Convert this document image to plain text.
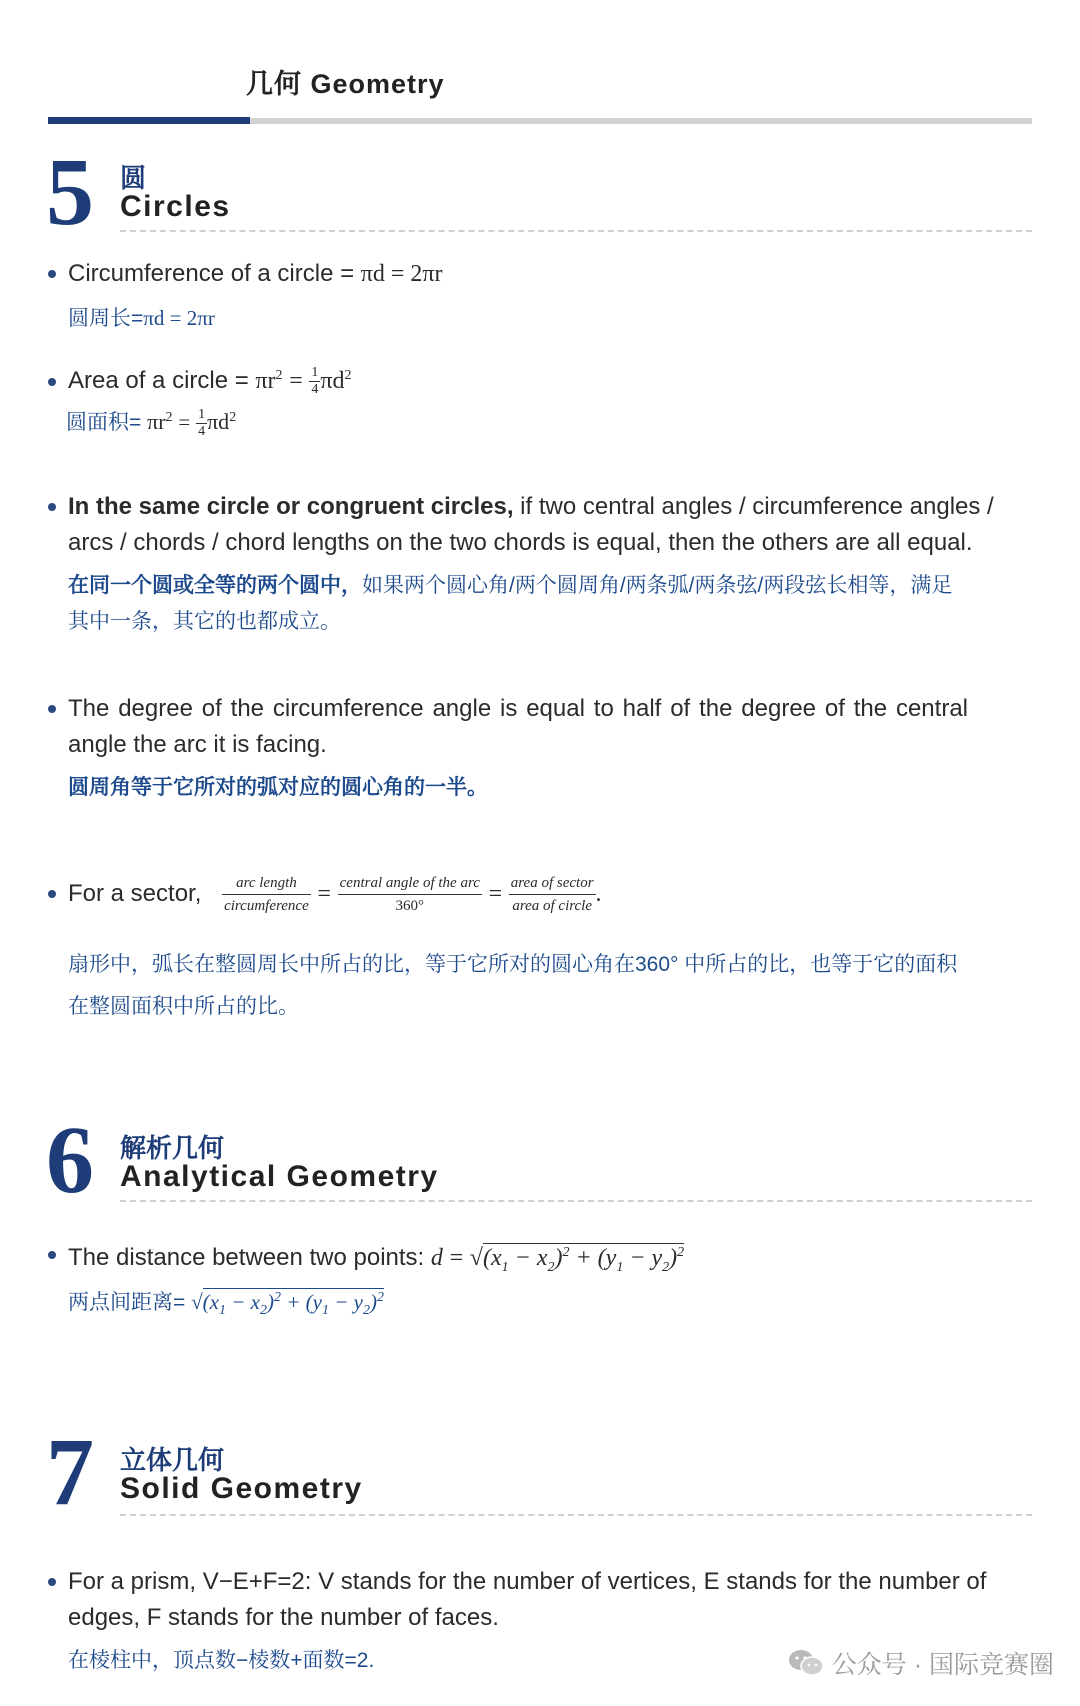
几何 Geometry
5 圆
Circles
Circumference of a circle = πd = 2πr
圆周长=πd = 2πr
Area of a circle = $\pi r^2 = \frac{1}{4} \pi d^2$
圆面积= $\pi r^2 = \frac{1}{4} \pi d^2$
In the same circle or congruent circles, if two central angles / circumference angles / arcs / chords / chord lengths on the two chords is equal, then the others are all equal.
在同一个圆或全等的两个圆中，如果两个圆心角/两个圆周角/两条弧/两条弦/两段弦长相等，满足其中一条，其它的也都成立。
The degree of the circumference angle is equal to half of the degree of the central angle the arc it is facing.
圆周角等于它所对的弧对应的圆心角的一半。
For a sector, $\frac{\text{arc length}}{\text{circumference}} = \frac{\text{central angle of the arc}}{360^\circ} = \frac{\text{area of sector}}{\text{area of circle}}$ .
扇形中，弧长在整圆周长中所占的比，等于它所对的圆心角在360° 中所占的比，也等于它的面积在整圆面积中所占的比。
6 解析几何
Analytical Geometry
The distance between two points: $d = √(x_1 - x_2)^2 + (y_1 - y_2)^2$
两点间距离= $√(x_1 - x_2)^2 + (y_1 - y_2)^2$
7 立体几何
Solid Geometry
For a prism, V−E+F=2: V stands for the number of vertices, E stands for the number of edges, F stands for the number of faces.
在棱柱中，顶点数−棱数+面数=2.	公众号 · 国际竞赛圈
